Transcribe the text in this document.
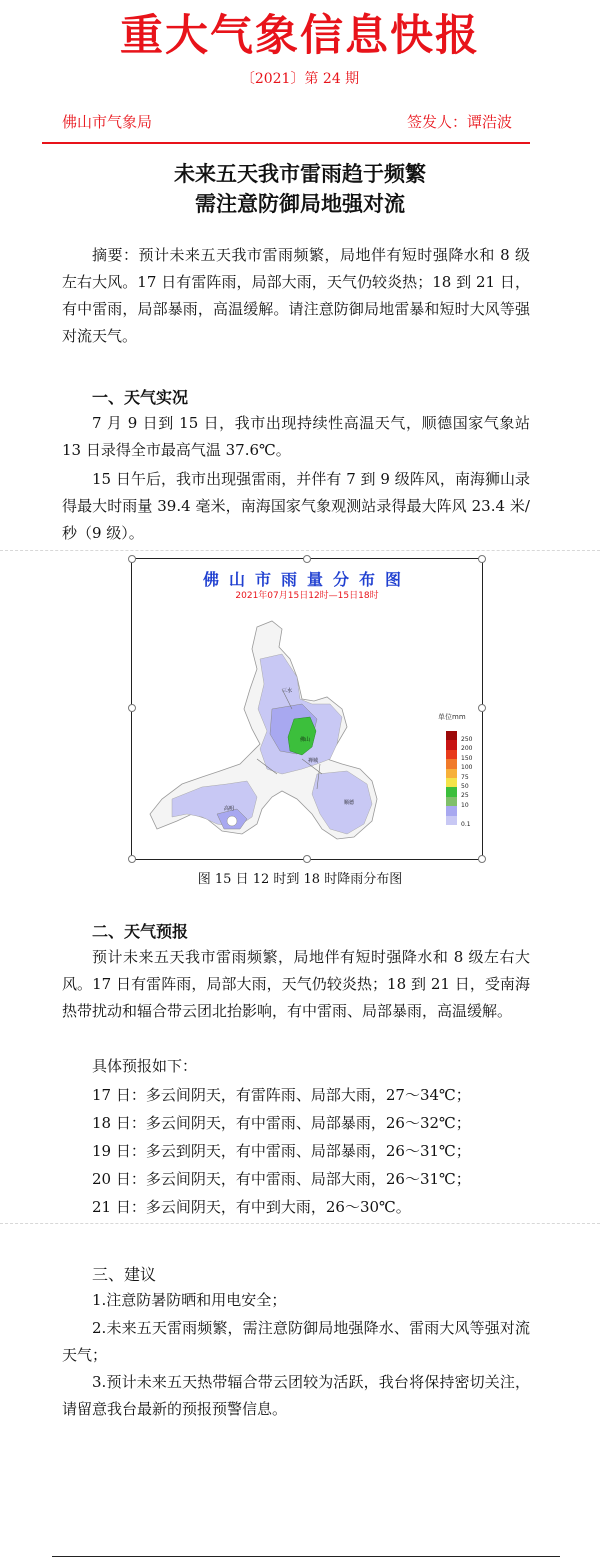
重大气象信息快报
〔2021〕第 24 期
佛山市气象局	签发人：谭浩波
未来五天我市雷雨趋于频繁
需注意防御局地强对流

摘要：预计未来五天我市雷雨频繁，局地伴有短时强降水和 8 级左右大风。17 日有雷阵雨，局部大雨，天气仍较炎热；18 到 21 日，有中雷雨，局部暴雨，高温缓解。请注意防御局地雷暴和短时大风等强对流天气。

一、天气实况

7 月 9 日到 15 日，我市出现持续性高温天气，顺德国家气象站 13 日录得全市最高气温 37.6℃。

15 日午后，我市出现强雷雨，并伴有 7 到 9 级阵风，南海狮山录得最大时雨量 39.4 毫米，南海国家气象观测站录得最大阵风 23.4 米/秒（9 级）。

佛山市雨量分布图
2021年07月15日12时—15日18时
三水
佛山
禅城
高明
顺德
单位mm
250
200
150
100
75
50
25
10
0.1
图 15 日 12 时到 18 时降雨分布图
二、天气预报

预计未来五天我市雷雨频繁，局地伴有短时强降水和 8 级左右大风。17 日有雷阵雨，局部大雨，天气仍较炎热；18 到 21 日，受南海热带扰动和辐合带云团北抬影响，有中雷雨、局部暴雨，高温缓解。

具体预报如下：
17 日：多云间阴天，有雷阵雨、局部大雨，27～34℃；
18 日：多云间阴天，有中雷雨、局部暴雨，26～32℃；
19 日：多云到阴天，有中雷雨、局部暴雨，26～31℃；
20 日：多云间阴天，有中雷雨、局部大雨，26～31℃；
21 日：多云间阴天，有中到大雨，26～30℃。
三、建议
1.注意防暑防晒和用电安全；

2.未来五天雷雨频繁，需注意防御局地强降水、雷雨大风等强对流天气；

3.预计未来五天热带辐合带云团较为活跃，我台将保持密切关注，请留意我台最新的预报预警信息。
